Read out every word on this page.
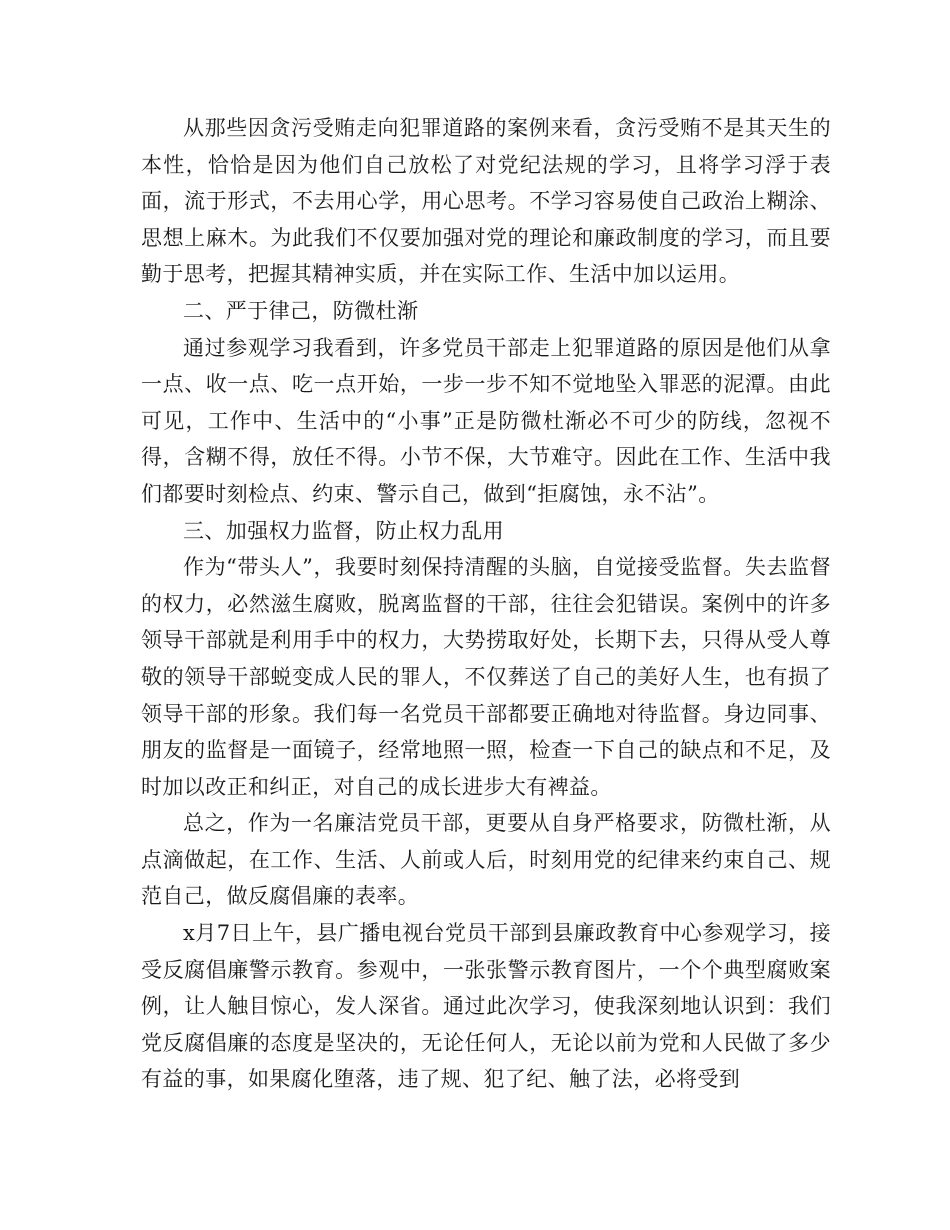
从那些因贪污受贿走向犯罪道路的案例来看，贪污受贿不是其天生的本性，恰恰是因为他们自己放松了对党纪法规的学习，且将学习浮于表面，流于形式，不去用心学，用心思考。不学习容易使自己政治上糊涂、思想上麻木。为此我们不仅要加强对党的理论和廉政制度的学习，而且要勤于思考，把握其精神实质，并在实际工作、生活中加以运用。

二、严于律己，防微杜渐

通过参观学习我看到，许多党员干部走上犯罪道路的原因是他们从拿一点、收一点、吃一点开始，一步一步不知不觉地坠入罪恶的泥潭。由此可见，工作中、生活中的“小事”正是防微杜渐必不可少的防线，忽视不得，含糊不得，放任不得。小节不保，大节难守。因此在工作、生活中我们都要时刻检点、约束、警示自己，做到“拒腐蚀，永不沾”。

三、加强权力监督，防止权力乱用

作为“带头人”，我要时刻保持清醒的头脑，自觉接受监督。失去监督的权力，必然滋生腐败，脱离监督的干部，往往会犯错误。案例中的许多领导干部就是利用手中的权力，大势捞取好处，长期下去，只得从受人尊敬的领导干部蜕变成人民的罪人，不仅葬送了自己的美好人生，也有损了领导干部的形象。我们每一名党员干部都要正确地对待监督。身边同事、朋友的监督是一面镜子，经常地照一照，检查一下自己的缺点和不足，及时加以改正和纠正，对自己的成长进步大有裨益。

总之，作为一名廉洁党员干部，更要从自身严格要求，防微杜渐，从点滴做起，在工作、生活、人前或人后，时刻用党的纪律来约束自己、规范自己，做反腐倡廉的表率。

x月7日上午，县广播电视台党员干部到县廉政教育中心参观学习，接受反腐倡廉警示教育。参观中，一张张警示教育图片，一个个典型腐败案例，让人触目惊心，发人深省。通过此次学习，使我深刻地认识到：我们党反腐倡廉的态度是坚决的，无论任何人，无论以前为党和人民做了多少有益的事，如果腐化堕落，违了规、犯了纪、触了法，必将受到
